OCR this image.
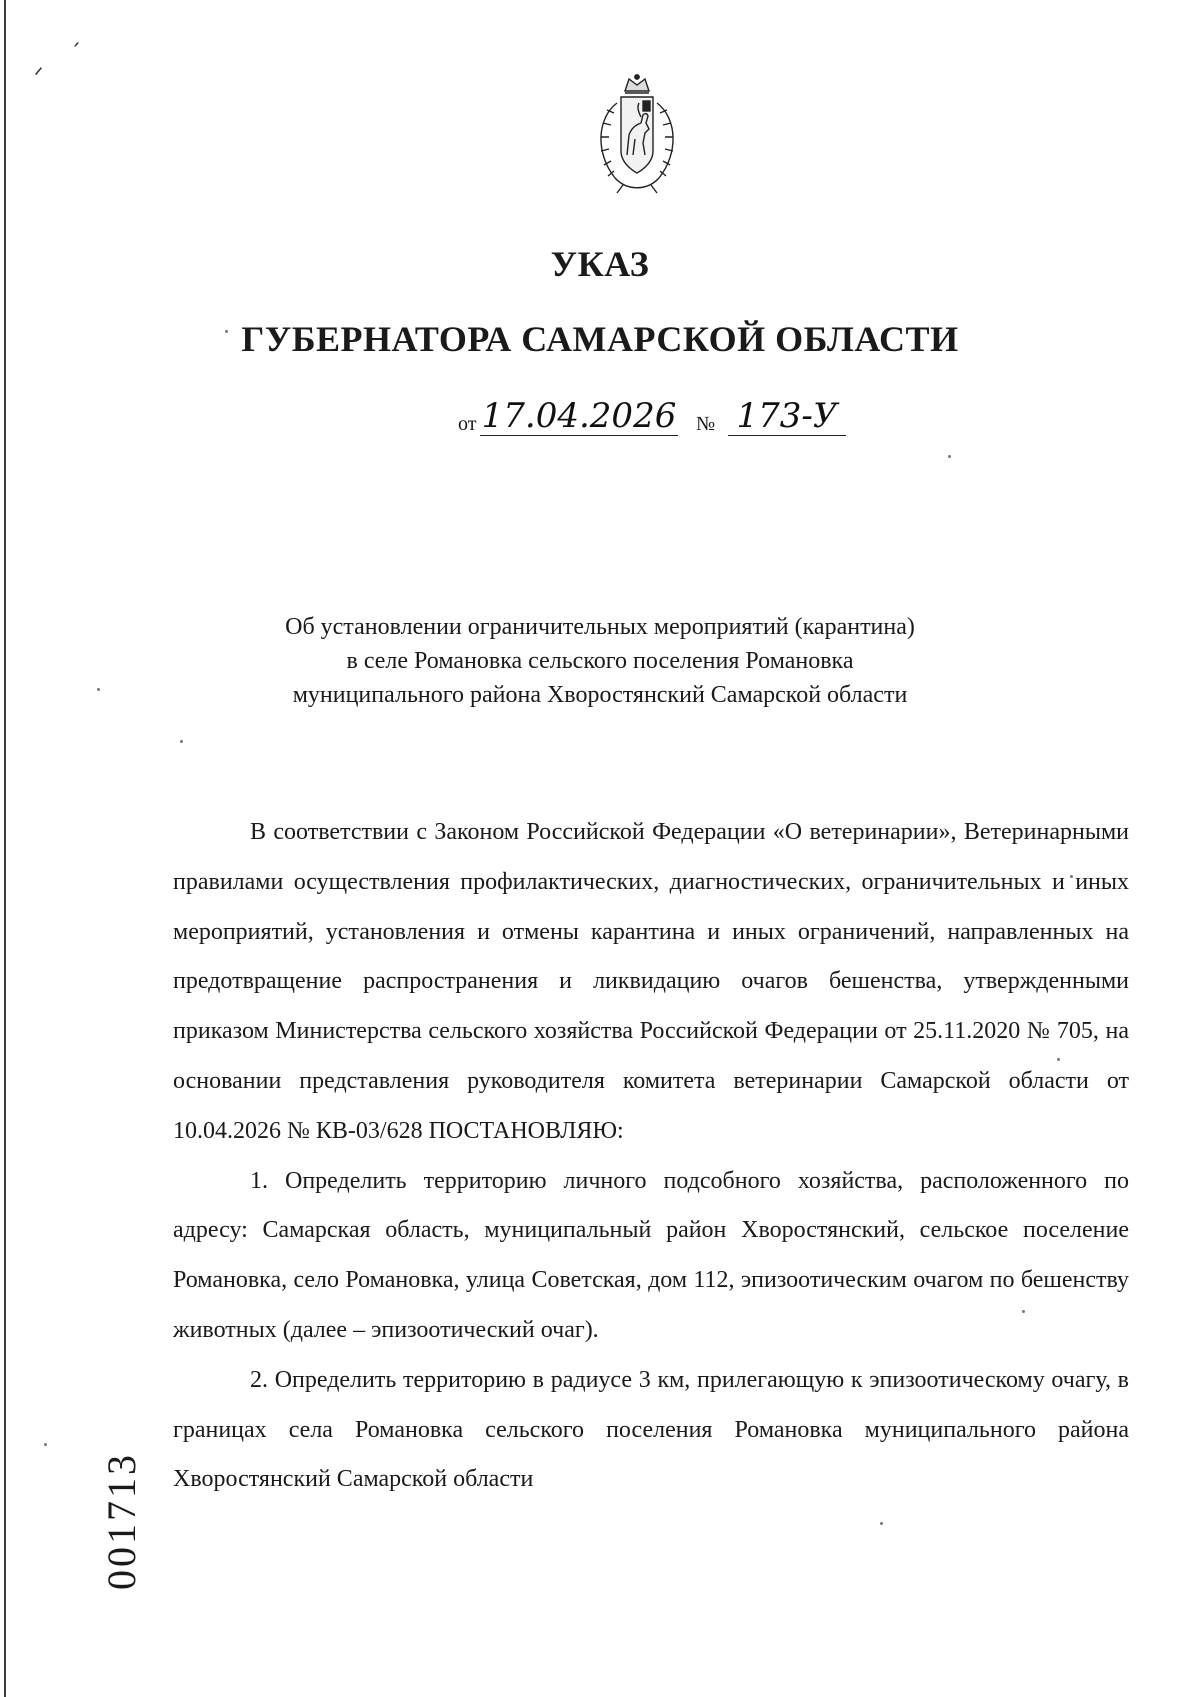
ˏ
ᐟ
УКАЗ
ГУБЕРНАТОРА САМАРСКОЙ ОБЛАСТИ
от 17.04.2026 № 173-У
Об установлении ограничительных мероприятий (карантина)
в селе Романовка сельского поселения Романовка
муниципального района Хворостянский Самарской области

В соответствии с Законом Российской Федерации «О ветеринарии», Ветеринарными правилами осуществления профилактических, диагностических, ограничительных и иных мероприятий, установления и отмены карантина и иных ограничений, направленных на предотвращение распространения и ликвидацию очагов бешенства, утвержденными приказом Министерства сельского хозяйства Российской Федерации от 25.11.2020 № 705, на основании представления руководителя комитета ветеринарии Самарской области от 10.04.2026 № КВ-03/628 ПОСТАНОВЛЯЮ:

1. Определить территорию личного подсобного хозяйства, расположенного по адресу: Самарская область, муниципальный район Хворостянский, сельское поселение Романовка, село Романовка, улица Советская, дом 112, эпизоотическим очагом по бешенству животных (далее – эпизоотический очаг).

2. Определить территорию в радиусе 3 км, прилегающую к эпизоотическому очагу, в границах села Романовка сельского поселения Романовка муниципального района Хворостянский Самарской области

001713
